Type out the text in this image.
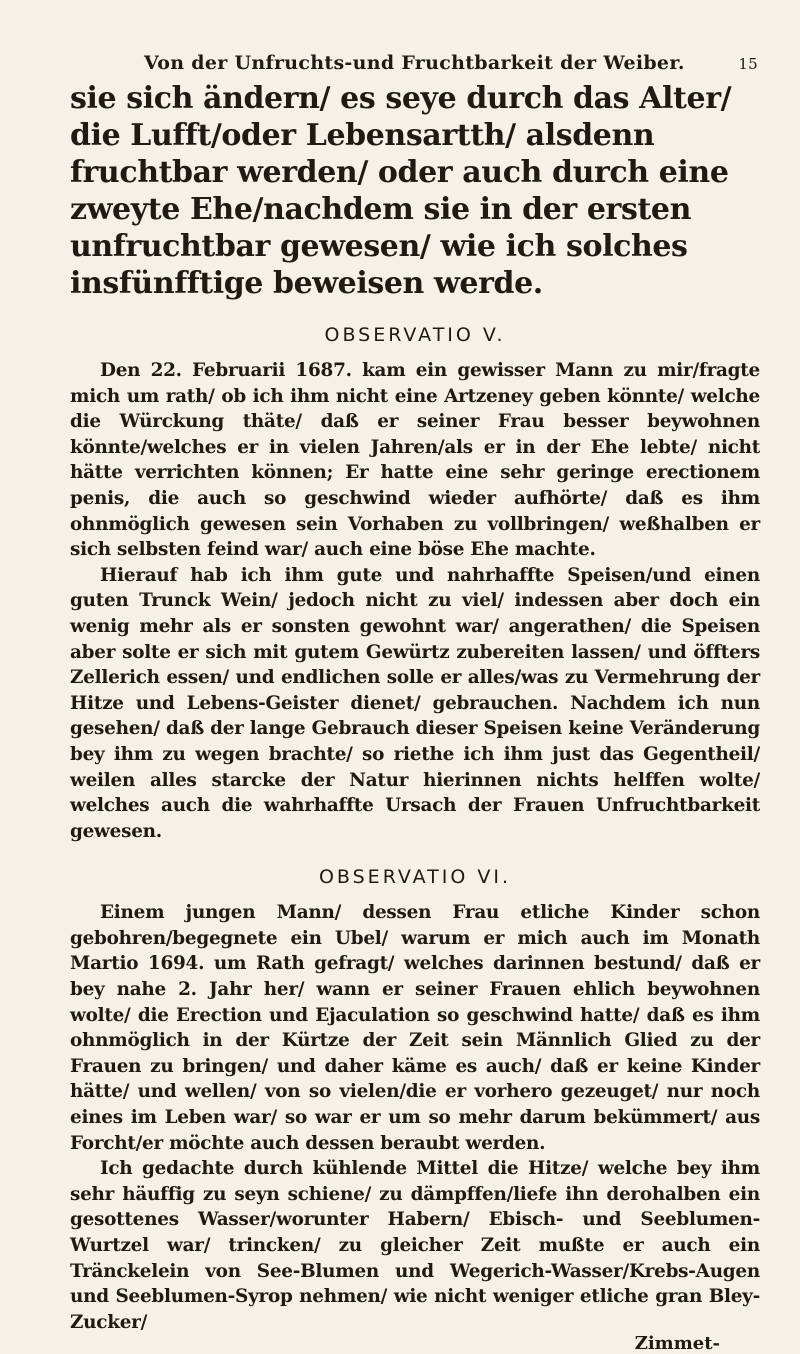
Von der Unfruchts-und Fruchtbarkeit der Weiber.	15

sie sich ändern/ es seye durch das Alter/ die Lufft/oder Lebensartth/ alsdenn fruchtbar werden/ oder auch durch eine zweyte Ehe/nachdem sie in der ersten unfruchtbar gewesen/ wie ich solches insfünfftige beweisen werde.

OBSERVATIO V.

Den 22. Februarii 1687. kam ein gewisser Mann zu mir/fragte mich um rath/ ob ich ihm nicht eine Artzeney geben könnte/ welche die Würckung thäte/ daß er seiner Frau besser beywohnen könnte/welches er in vielen Jahren/als er in der Ehe lebte/ nicht hätte verrichten können; Er hatte eine sehr geringe erectionem penis, die auch so geschwind wieder aufhörte/ daß es ihm ohnmöglich gewesen sein Vorhaben zu vollbringen/ weßhalben er sich selbsten feind war/ auch eine böse Ehe machte.

Hierauf hab ich ihm gute und nahrhaffte Speisen/und einen guten Trunck Wein/ jedoch nicht zu viel/ indessen aber doch ein wenig mehr als er sonsten gewohnt war/ angerathen/ die Speisen aber solte er sich mit gutem Gewürtz zubereiten lassen/ und öffters Zellerich essen/ und endlichen solle er alles/was zu Vermehrung der Hitze und Lebens-Geister dienet/ gebrauchen. Nachdem ich nun gesehen/ daß der lange Gebrauch dieser Speisen keine Veränderung bey ihm zu wegen brachte/ so riethe ich ihm just das Gegentheil/ weilen alles starcke der Natur hierinnen nichts helffen wolte/ welches auch die wahrhaffte Ursach der Frauen Unfruchtbarkeit gewesen.

OBSERVATIO VI.

Einem jungen Mann/ dessen Frau etliche Kinder schon gebohren/begegnete ein Ubel/ warum er mich auch im Monath Martio 1694. um Rath gefragt/ welches darinnen bestund/ daß er bey nahe 2. Jahr her/ wann er seiner Frauen ehlich beywohnen wolte/ die Erection und Ejaculation so geschwind hatte/ daß es ihm ohnmöglich in der Kürtze der Zeit sein Männlich Glied zu der Frauen zu bringen/ und daher käme es auch/ daß er keine Kinder hätte/ und wellen/ von so vielen/die er vorhero gezeuget/ nur noch eines im Leben war/ so war er um so mehr darum bekümmert/ aus Forcht/er möchte auch dessen beraubt werden.

Ich gedachte durch kühlende Mittel die Hitze/ welche bey ihm sehr häuffig zu seyn schiene/ zu dämpffen/liefe ihn derohalben ein gesottenes Wasser/worunter Habern/ Ebisch- und Seeblumen-Wurtzel war/ trincken/ zu gleicher Zeit mußte er auch ein Tränckelein von See-Blumen und Wegerich-Wasser/Krebs-Augen und Seeblumen-Syrop nehmen/ wie nicht weniger etliche gran Bley-Zucker/

Zimmet-
